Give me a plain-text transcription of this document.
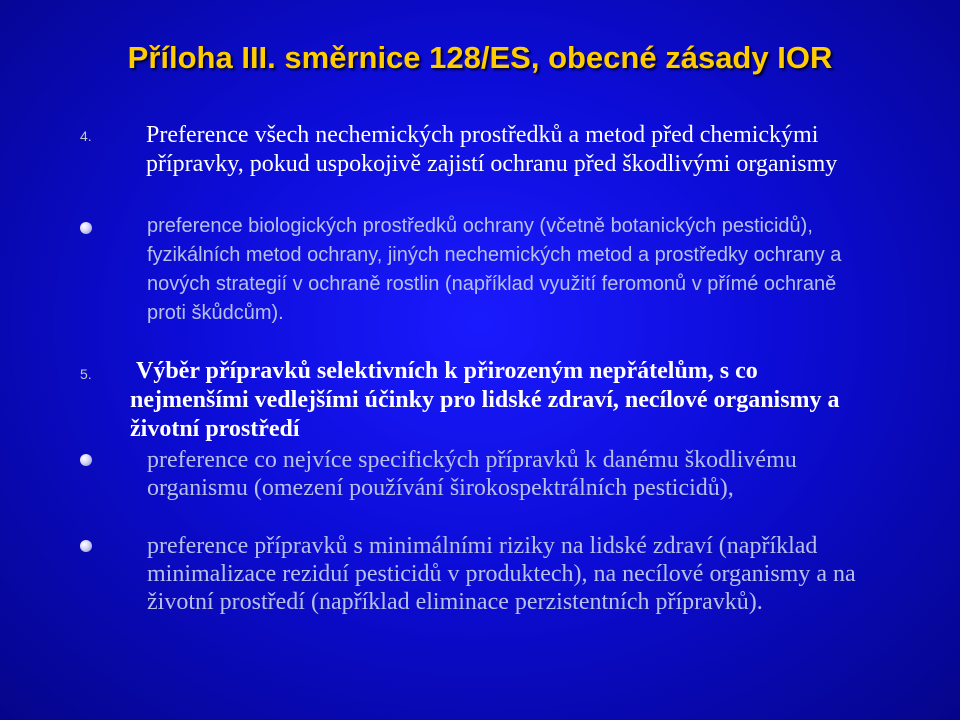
Příloha III. směrnice 128/ES, obecné zásady IOR
4. Preference všech nechemických prostředků a metod před chemickými přípravky, pokud uspokojivě zajistí ochranu před škodlivými organismy
preference biologických prostředků ochrany (včetně botanických pesticidů), fyzikálních metod ochrany, jiných nechemických metod a prostředky ochrany a nových strategií v ochraně rostlin (například využití feromonů v přímé ochraně proti škůdcům).
5. Výběr přípravků selektivních k přirozeným nepřátelům, s co nejmenšími vedlejšími účinky pro lidské zdraví, necílové organismy a životní prostředí
preference co nejvíce specifických přípravků k danému škodlivému organismu (omezení používání širokospektrálních pesticidů),
preference přípravků s minimálními riziky na lidské zdraví (například minimalizace reziduí pesticidů v produktech), na necílové organismy a na životní prostředí (například eliminace perzistentních přípravků).
